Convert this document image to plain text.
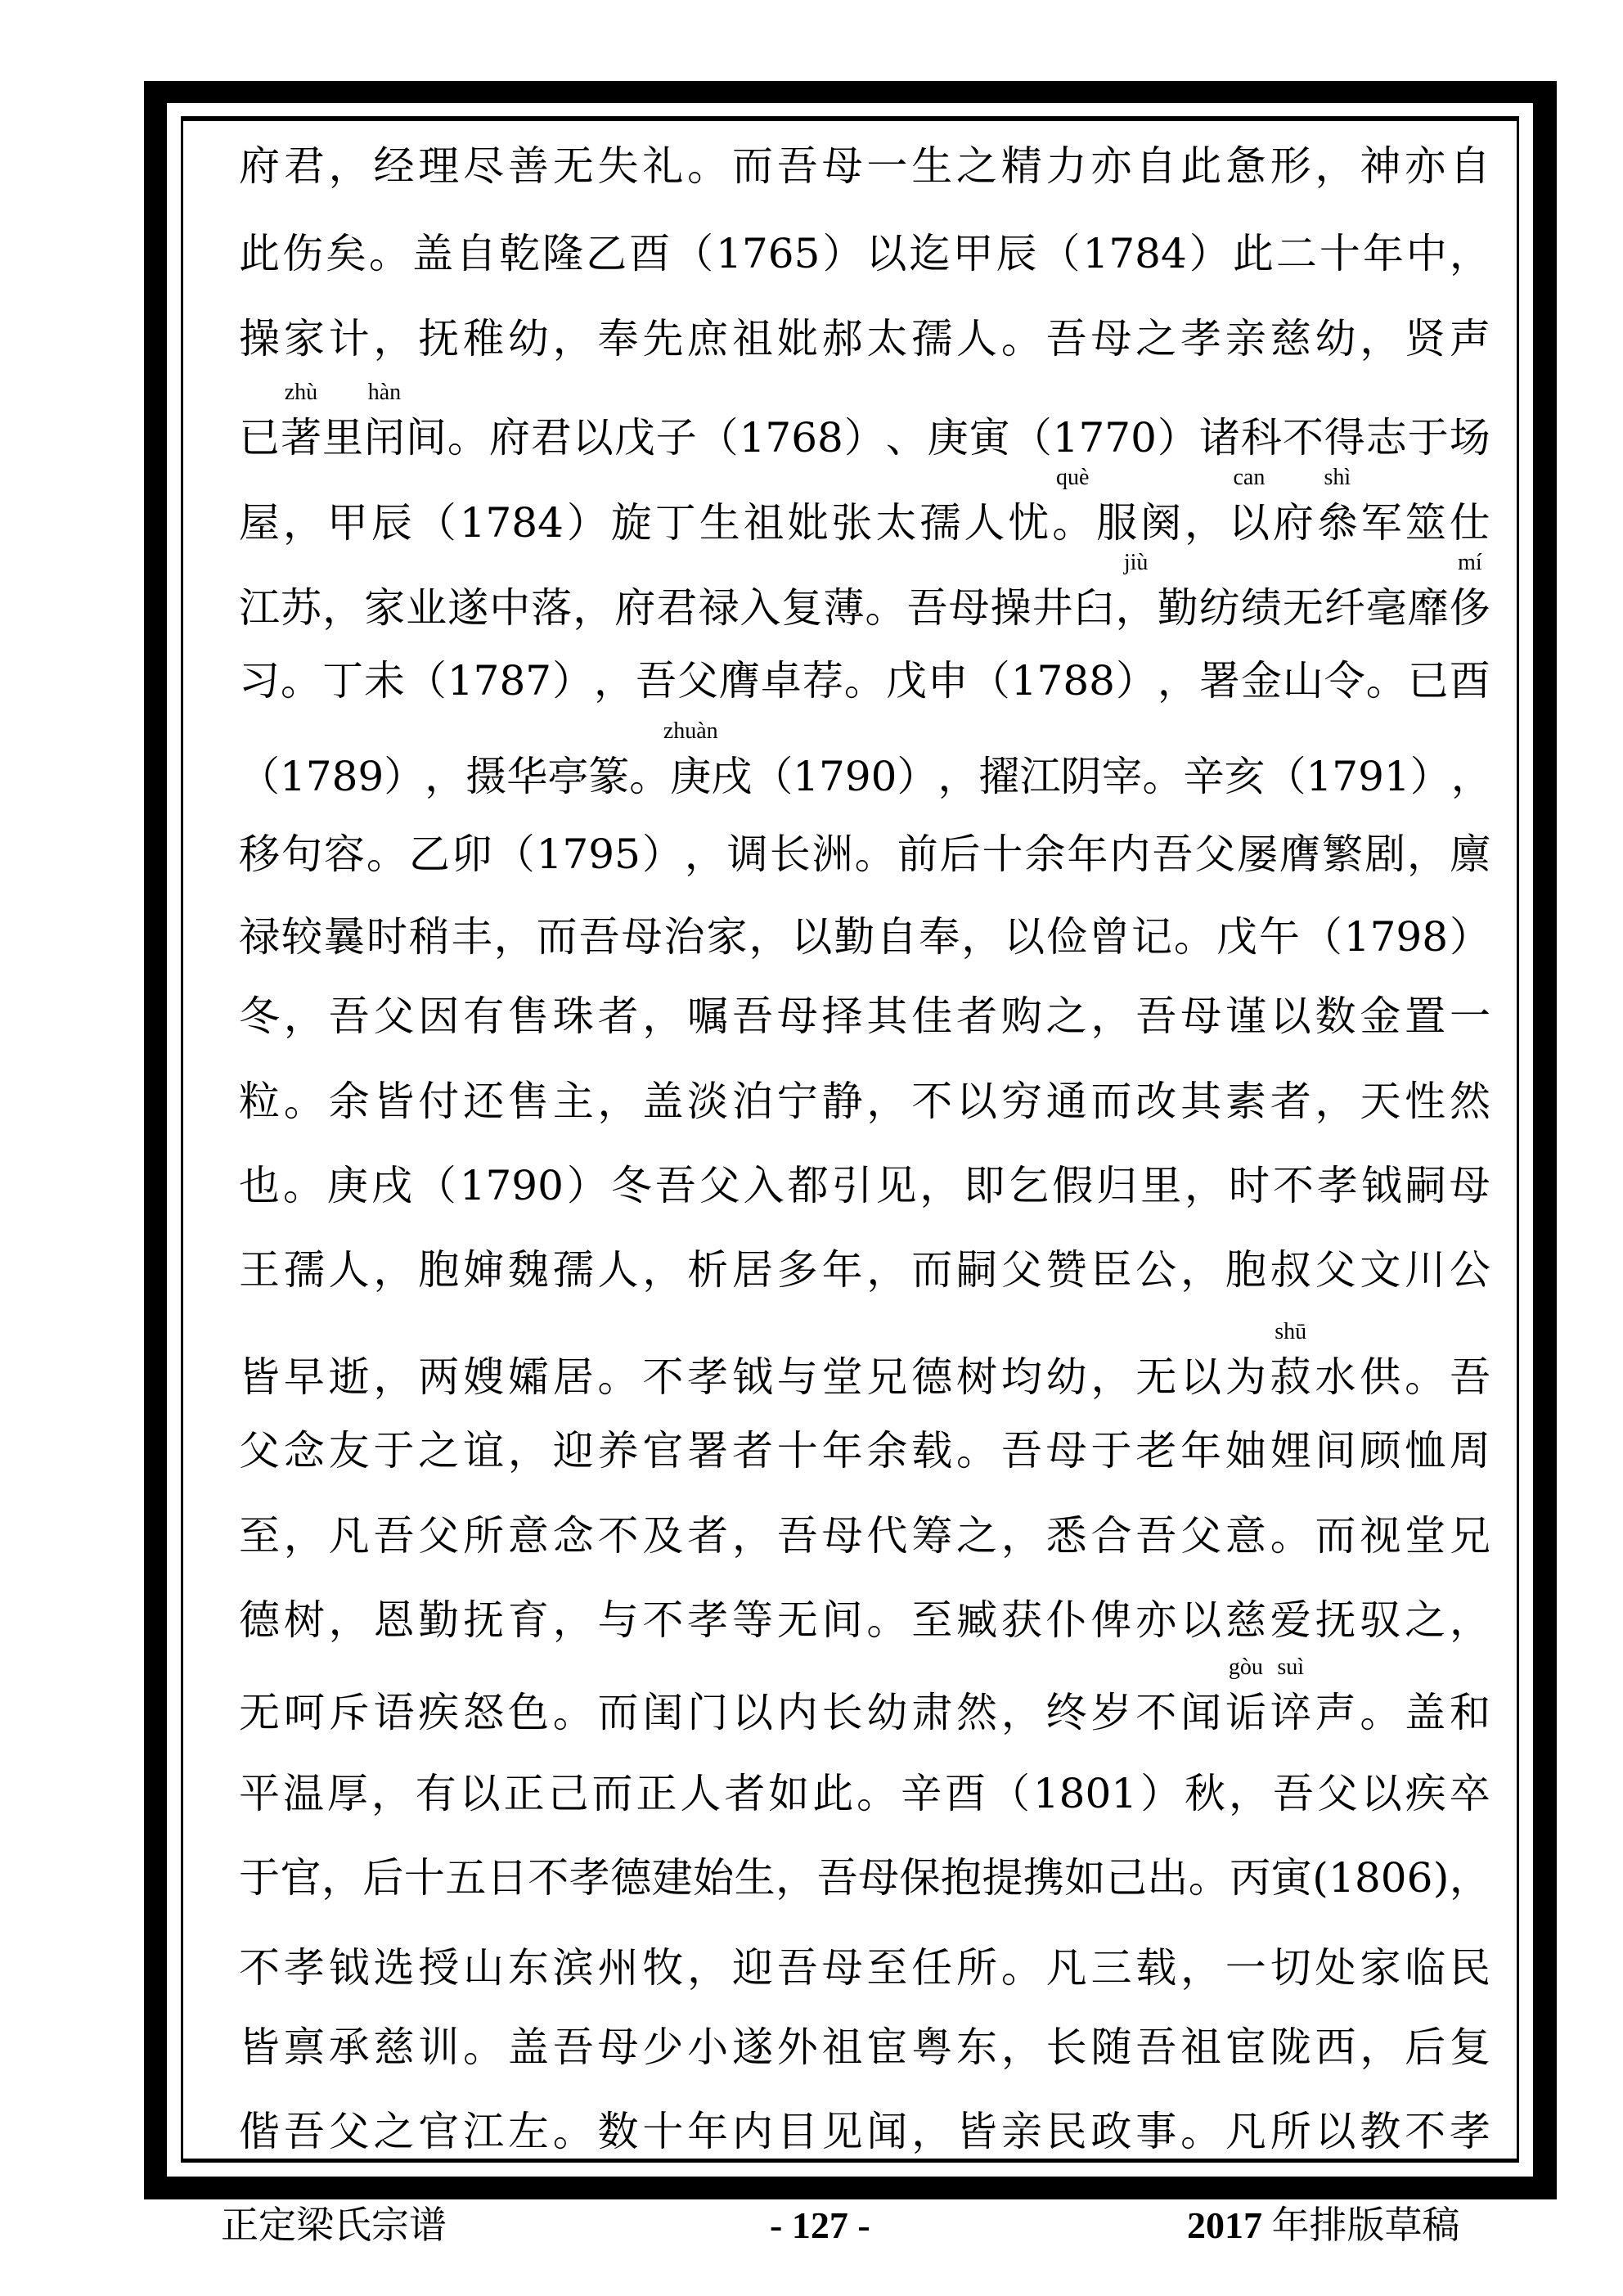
府 君 ， 经 理 尽 善 无 失 礼 。 而 吾 母 一 生 之 精 力 亦 自 此 惫 形 ， 神 亦 自
此 伤 矣 。 盖 自 乾 隆 乙 酉 （ 1765 ） 以 迄 甲 辰 （ 1784 ） 此 二 十 年 中 ，
操 家 计 ， 抚 稚 幼 ， 奉 先 庶 祖 妣 郝 太 孺 人 。 吾 母 之 孝 亲 慈 幼 ， 贤 声
已 著
zhù
里 闬
hàn
间 。 府 君 以 戊 子 （ 1768 ） 、 庚 寅 （ 1770 ） 诸 科 不 得 志 于 场
屋 ， 甲 辰 （ 1784 ） 旋 丁 生 祖 妣 张 太 孺 人 忧 。
què
服 阕 ， 以
can
府 叅
shì
军 筮 仕
江 苏 ， 家 业 遂 中 落 ， 府 君 禄 入 复 薄 。 吾 母 操 井 臼 ，
jiù
勤 纺 绩 无 纤 毫 靡 侈
mí
习 。 丁 未 （ 1787 ） ， 吾 父 膺 卓 荐 。 戊 申 （ 1788 ） ， 署 金 山 令 。 已 酉
（ 1789 ） ， 摄 华 亭 篆 。 庚
zhuàn
戌 （ 1790 ） ， 擢 江 阴 宰 。 辛 亥 （ 1791 ） ，
移 句 容 。 乙 卯 （ 1795 ） ， 调 长 洲 。 前 后 十 余 年 内 吾 父 屡 膺 繁 剧 ， 廪
禄 较 曩 时 稍 丰 ， 而 吾 母 治 家 ， 以 勤 自 奉 ， 以 俭 曾 记 。 戊 午 （ 1798 ）
冬 ， 吾 父 因 有 售 珠 者 ， 嘱 吾 母 择 其 佳 者 购 之 ， 吾 母 谨 以 数 金 置 一
粒 。 余 皆 付 还 售 主 ， 盖 淡 泊 宁 静 ， 不 以 穷 通 而 改 其 素 者 ， 天 性 然
也 。 庚 戌 （ 1790 ） 冬 吾 父 入 都 引 见 ， 即 乞 假 归 里 ， 时 不 孝 钺 嗣 母
王 孺 人 ， 胞 婶 魏 孺 人 ， 析 居 多 年 ， 而 嗣 父 赞 臣 公 ， 胞 叔 父 文 川 公
皆 早 逝 ， 两 嫂 孀 居 。 不 孝 钺 与 堂 兄 德 树 均 幼 ， 无 以 为 菽
shū
水 供 。 吾
父 念 友 于 之 谊 ， 迎 养 官 署 者 十 年 余 载 。 吾 母 于 老 年 妯 娌 间 顾 恤 周
至 ， 凡 吾 父 所 意 念 不 及 者 ， 吾 母 代 筹 之 ， 悉 合 吾 父 意 。 而 视 堂 兄
德 树 ， 恩 勤 抚 育 ， 与 不 孝 等 无 间 。 至 臧 获 仆 俾 亦 以 慈 爱 抚 驭 之 ，
无 呵 斥 语 疾 怒 色 。 而 闺 门 以 内 长 幼 肃 然 ， 终 岁 不 闻 诟
gòu
谇
suì
声 。 盖 和
平 温 厚 ， 有 以 正 己 而 正 人 者 如 此 。 辛 酉 （ 1801 ） 秋 ， 吾 父 以 疾 卒
于 官 ， 后 十 五 日 不 孝 德 建 始 生 ， 吾 母 保 抱 提 携 如 己 出 。 丙 寅 ( 1806 ) ，
不 孝 钺 选 授 山 东 滨 州 牧 ， 迎 吾 母 至 任 所 。 凡 三 载 ， 一 切 处 家 临 民
皆 禀 承 慈 训 。 盖 吾 母 少 小 遂 外 祖 宦 粤 东 ， 长 随 吾 祖 宦 陇 西 ， 后 复
偕 吾 父 之 官 江 左 。 数 十 年 内 目 见 闻 ， 皆 亲 民 政 事 。 凡 所 以 教 不 孝
正定梁氏宗谱	- 127 -	2017 年排版草稿
